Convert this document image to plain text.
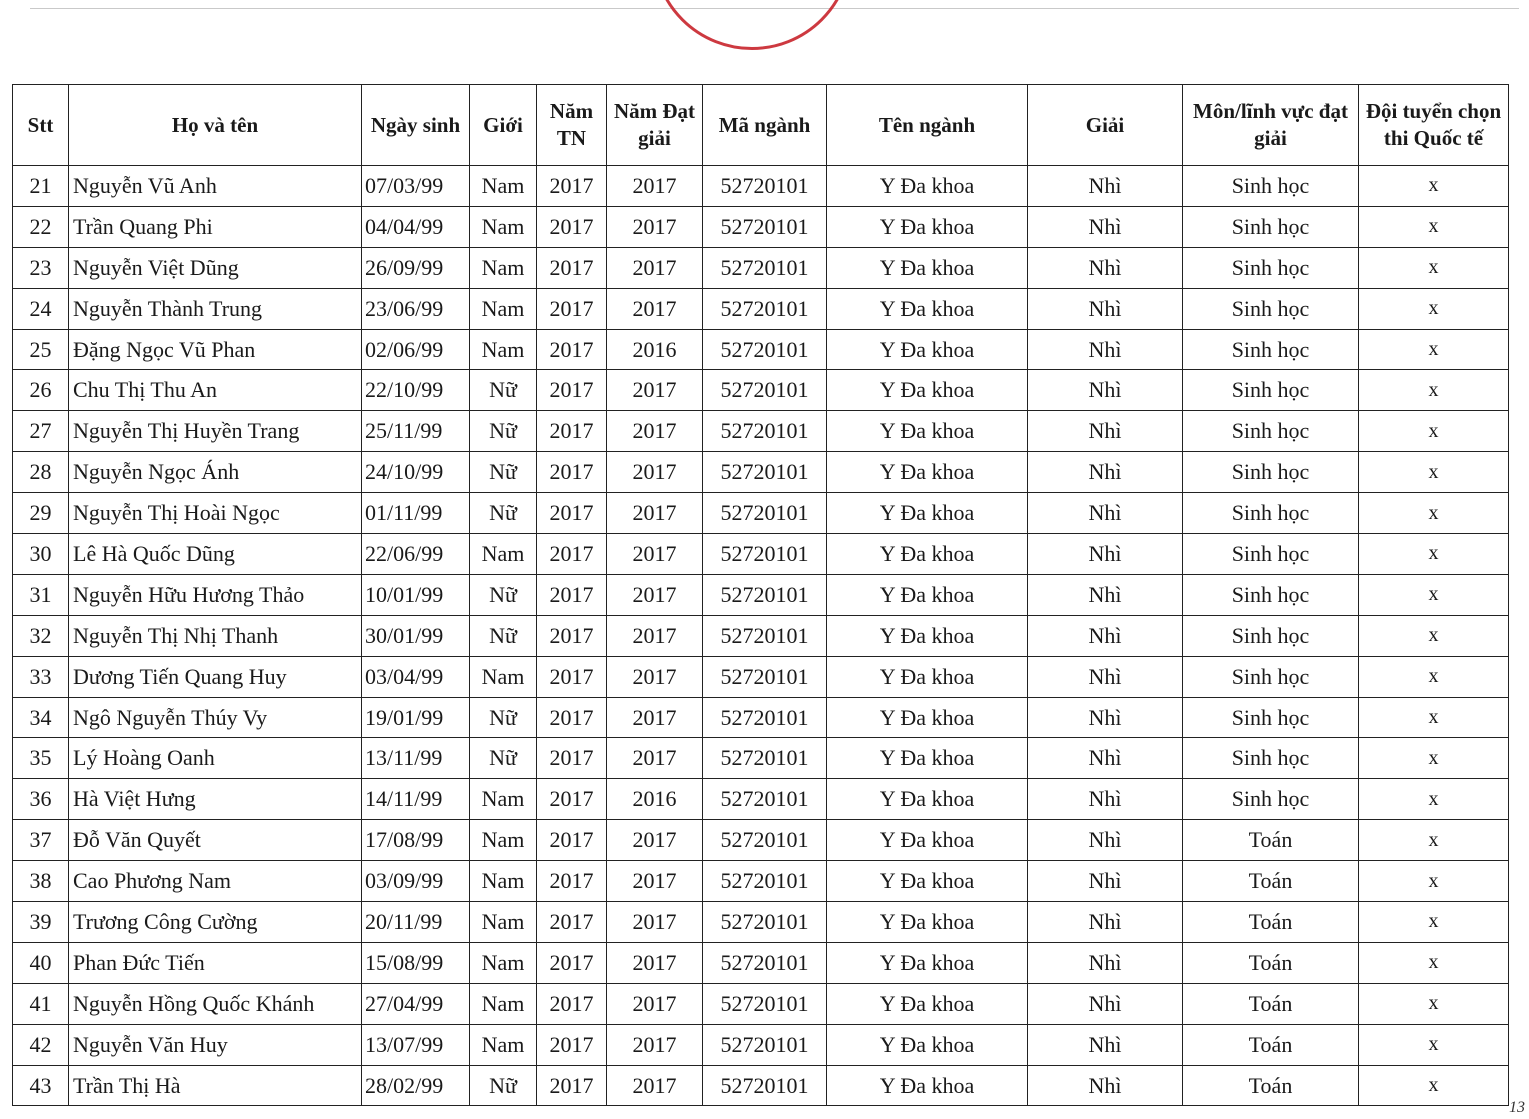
Stt	Họ và tên	Ngày sinh	Giới	Năm TN	Năm Đạt giải	Mã ngành	Tên ngành	Giải	Môn/lĩnh vực đạt giải	Đội tuyển chọn thi Quốc tế
21	Nguyễn Vũ Anh	07/03/99	Nam	2017	2017	52720101	Y Đa khoa	Nhì	Sinh học	x
22	Trần Quang Phi	04/04/99	Nam	2017	2017	52720101	Y Đa khoa	Nhì	Sinh học	x
23	Nguyễn Việt Dũng	26/09/99	Nam	2017	2017	52720101	Y Đa khoa	Nhì	Sinh học	x
24	Nguyễn Thành Trung	23/06/99	Nam	2017	2017	52720101	Y Đa khoa	Nhì	Sinh học	x
25	Đặng Ngọc Vũ Phan	02/06/99	Nam	2017	2016	52720101	Y Đa khoa	Nhì	Sinh học	x
26	Chu Thị Thu An	22/10/99	Nữ	2017	2017	52720101	Y Đa khoa	Nhì	Sinh học	x
27	Nguyễn Thị Huyền Trang	25/11/99	Nữ	2017	2017	52720101	Y Đa khoa	Nhì	Sinh học	x
28	Nguyễn Ngọc Ánh	24/10/99	Nữ	2017	2017	52720101	Y Đa khoa	Nhì	Sinh học	x
29	Nguyễn Thị Hoài Ngọc	01/11/99	Nữ	2017	2017	52720101	Y Đa khoa	Nhì	Sinh học	x
30	Lê Hà Quốc Dũng	22/06/99	Nam	2017	2017	52720101	Y Đa khoa	Nhì	Sinh học	x
31	Nguyễn Hữu Hương Thảo	10/01/99	Nữ	2017	2017	52720101	Y Đa khoa	Nhì	Sinh học	x
32	Nguyễn Thị Nhị Thanh	30/01/99	Nữ	2017	2017	52720101	Y Đa khoa	Nhì	Sinh học	x
33	Dương Tiến Quang Huy	03/04/99	Nam	2017	2017	52720101	Y Đa khoa	Nhì	Sinh học	x
34	Ngô Nguyễn Thúy Vy	19/01/99	Nữ	2017	2017	52720101	Y Đa khoa	Nhì	Sinh học	x
35	Lý Hoàng Oanh	13/11/99	Nữ	2017	2017	52720101	Y Đa khoa	Nhì	Sinh học	x
36	Hà Việt Hưng	14/11/99	Nam	2017	2016	52720101	Y Đa khoa	Nhì	Sinh học	x
37	Đỗ Văn Quyết	17/08/99	Nam	2017	2017	52720101	Y Đa khoa	Nhì	Toán	x
38	Cao Phương Nam	03/09/99	Nam	2017	2017	52720101	Y Đa khoa	Nhì	Toán	x
39	Trương Công Cường	20/11/99	Nam	2017	2017	52720101	Y Đa khoa	Nhì	Toán	x
40	Phan Đức Tiến	15/08/99	Nam	2017	2017	52720101	Y Đa khoa	Nhì	Toán	x
41	Nguyễn Hồng Quốc Khánh	27/04/99	Nam	2017	2017	52720101	Y Đa khoa	Nhì	Toán	x
42	Nguyễn Văn Huy	13/07/99	Nam	2017	2017	52720101	Y Đa khoa	Nhì	Toán	x
43	Trần Thị Hà	28/02/99	Nữ	2017	2017	52720101	Y Đa khoa	Nhì	Toán	x
13
